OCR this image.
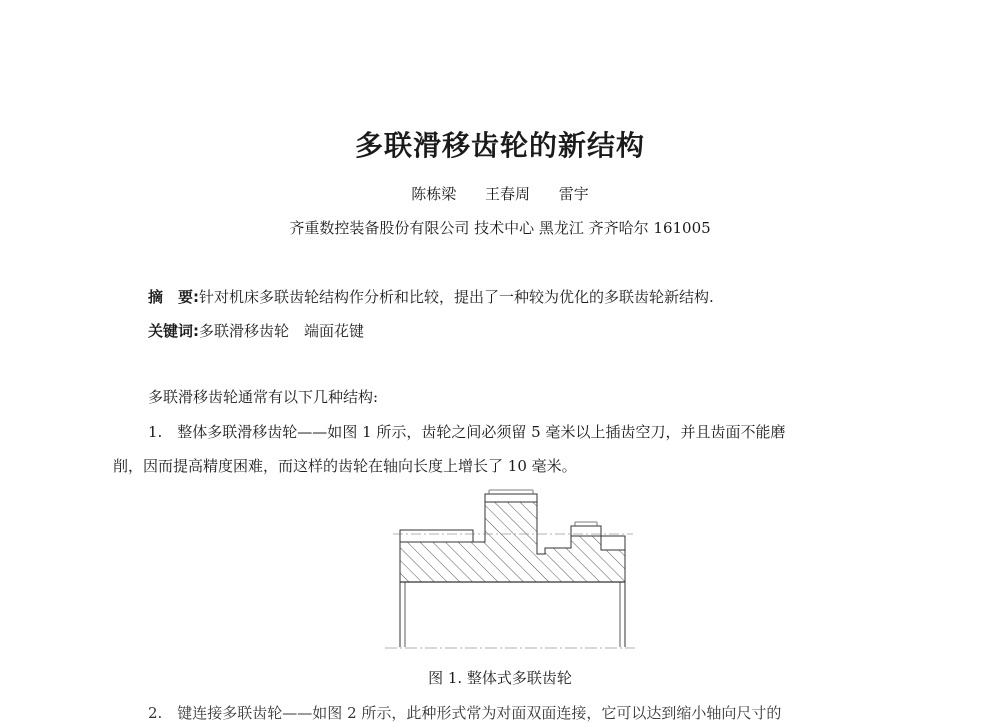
多联滑移齿轮的新结构
陈栋梁 王春周 雷宇
齐重数控装备股份有限公司 技术中心 黑龙江 齐齐哈尔 161005
摘　要:针对机床多联齿轮结构作分析和比较，提出了一种较为优化的多联齿轮新结构.
关键词:多联滑移齿轮　端面花键
多联滑移齿轮通常有以下几种结构:
1.　整体多联滑移齿轮——如图 1 所示，齿轮之间必须留 5 毫米以上插齿空刀，并且齿面不能磨
削，因而提高精度困难，而这样的齿轮在轴向长度上增长了 10 毫米。
图 1. 整体式多联齿轮
2.　键连接多联齿轮——如图 2 所示，此种形式常为对面双面连接，它可以达到缩小轴向尺寸的
